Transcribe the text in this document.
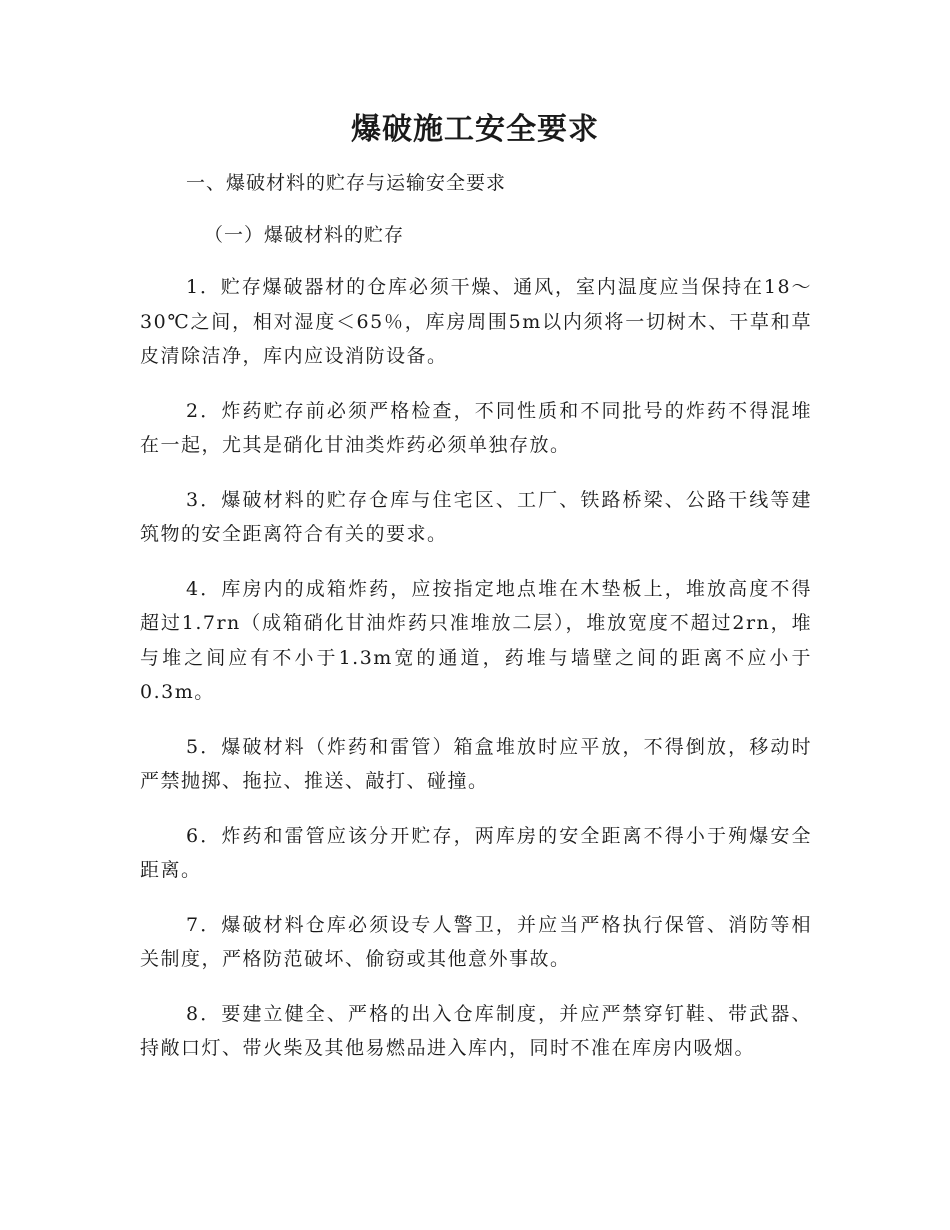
爆破施工安全要求

一、爆破材料的贮存与运输安全要求

（一）爆破材料的贮存

1．贮存爆破器材的仓库必须干燥、通风，室内温度应当保持在18～30℃之间，相对湿度＜65％，库房周围5m以内须将一切树木、干草和草皮清除洁净，库内应设消防设备。

2．炸药贮存前必须严格检查，不同性质和不同批号的炸药不得混堆在一起，尤其是硝化甘油类炸药必须单独存放。

3．爆破材料的贮存仓库与住宅区、工厂、铁路桥梁、公路干线等建筑物的安全距离符合有关的要求。

4．库房内的成箱炸药，应按指定地点堆在木垫板上，堆放高度不得超过1.7rn（成箱硝化甘油炸药只准堆放二层），堆放宽度不超过2rn，堆与堆之间应有不小于1.3m宽的通道，药堆与墙壁之间的距离不应小于0.3m。

5．爆破材料（炸药和雷管）箱盒堆放时应平放，不得倒放，移动时严禁抛掷、拖拉、推送、敲打、碰撞。

6．炸药和雷管应该分开贮存，两库房的安全距离不得小于殉爆安全距离。

7．爆破材料仓库必须设专人警卫，并应当严格执行保管、消防等相关制度，严格防范破坏、偷窃或其他意外事故。

8．要建立健全、严格的出入仓库制度，并应严禁穿钉鞋、带武器、持敞口灯、带火柴及其他易燃品进入库内，同时不准在库房内吸烟。
